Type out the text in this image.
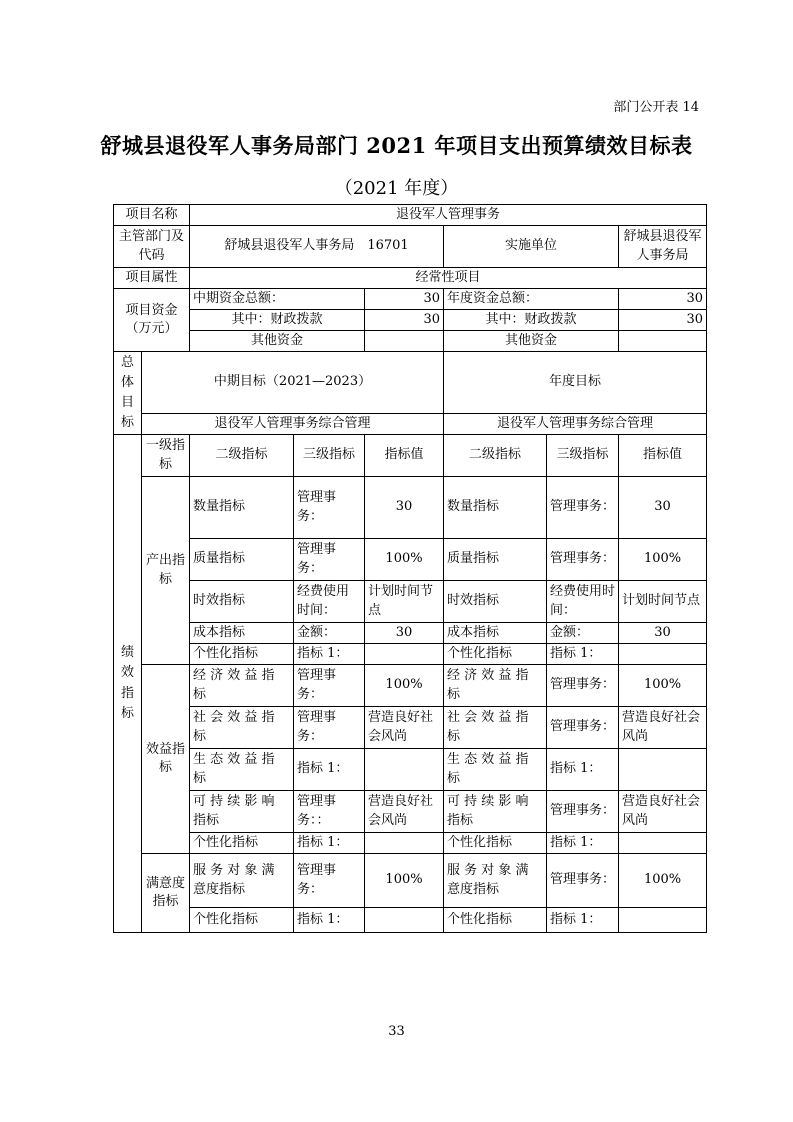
部门公开表 14
舒城县退役军人事务局部门 2021 年项目支出预算绩效目标表
（2021 年度）
项目名称		退役军人管理事务					
主管部门及代码		舒城县退役军人事务局　16701			实施单位		舒城县退役军人事务局
项目属性		经常性项目					
项目资金（万元）		中期资金总额：		30	年度资金总额：		30
		其中：财政拨款		30	其中：财政拨款		30
		其他资金			其他资金		

总体目标	中期目标（2021—2023）				年度目标		
	退役军人管理事务综合管理				退役军人管理事务综合管理		

绩效指标	一级指标	二级指标	三级指标	指标值	二级指标	三级指标	指标值
	产出指标	数量指标	管理事务：	30	数量指标	管理事务：	30
		质量指标	管理事务：	100%	质量指标	管理事务：	100%
		时效指标	经费使用时间：	计划时间节点	时效指标	经费使用时间：	计划时间节点
		成本指标	金额：	30	成本指标	金额：	30
		个性化指标	指标 1：		个性化指标	指标 1：	
	效益指标	经 济 效 益 指 标	管理事务：	100%	经 济 效 益 指 标	管理事务：	100%
		社 会 效 益 指 标	管理事务：	营造良好社会风尚	社 会 效 益 指 标	管理事务：	营造良好社会风尚
		生 态 效 益 指 标	指标 1：		生 态 效 益 指 标	指标 1：	
		可 持 续 影 响 指标	管理事务：：	营造良好社会风尚	可 持 续 影 响 指标	管理事务：	营造良好社会风尚
		个性化指标	指标 1：		个性化指标	指标 1：	
	满意度指标	服 务 对 象 满 意度指标	管理事务：	100%	服 务 对 象 满 意度指标	管理事务：	100%
		个性化指标	指标 1：		个性化指标	指标 1：	
33
